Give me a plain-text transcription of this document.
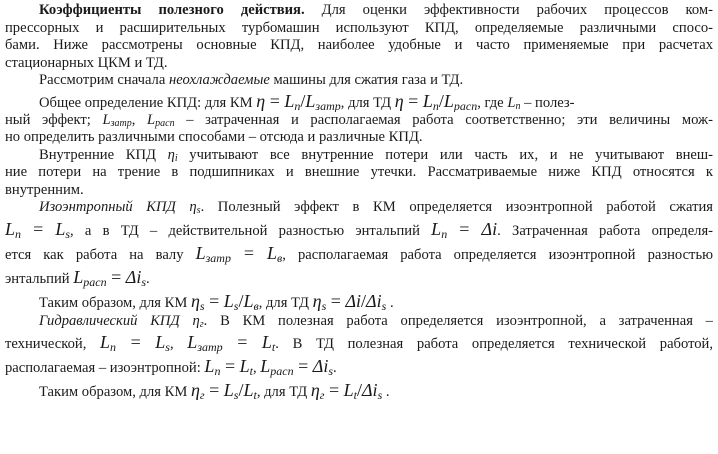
Коэффициенты полезного действия. Для оценки эффективности рабочих процессов ком-
прессорных и расширительных турбомашин используют КПД, определяемые различными спосо-
бами. Ниже рассмотрены основные КПД, наиболее удобные и часто применяемые при расчетах
стационарных ЦКМ и ТД.
Рассмотрим сначала неохлаждаемые машины для сжатия газа и ТД.
Общее определение КПД: для КМ $\eta = L_n/L_{затр}$, для ТД $\eta = L_n/L_{расп}$, где $L_n$ – полез-
ный эффект; $L_{затр}$, $L_{расп}$ – затраченная и располагаемая работа соответственно; эти величины мож-
но определить различными способами – отсюда и различные КПД.
Внутренние КПД $\eta_i$ учитывают все внутренние потери или часть их, и не учитывают внеш-
ние потери на трение в подшипниках и внешние утечки. Рассматриваемые ниже КПД относятся к
внутренним.
Изоэнтропный КПД $\eta_s$. Полезный эффект в КМ определяется изоэнтропной работой сжатия
$L_n = L_s$, а в ТД – действительной разностью энтальпий $L_n = \Delta i$. Затраченная работа определя-
ется как работа на валу $L_{затр} = L_в$, располагаемая работа определяется изоэнтропной разностью
энтальпий $L_{расп} = \Delta i_s$.
Таким образом, для КМ $\eta_s = L_s/L_в$, для ТД $\eta_s = \Delta i/\Delta i_s$ .
Гидравлический КПД $\eta_г$. В КМ полезная работа определяется изоэнтропной, а затраченная –
технической, $L_n = L_s$, $L_{затр} = L_t$. В ТД полезная работа определяется технической работой,
располагаемая – изоэнтропной: $L_n = L_t$, $L_{расп} = \Delta i_s$.
Таким образом, для КМ $\eta_г = L_s/L_t$, для ТД $\eta_г = L_t/\Delta i_s$ .
